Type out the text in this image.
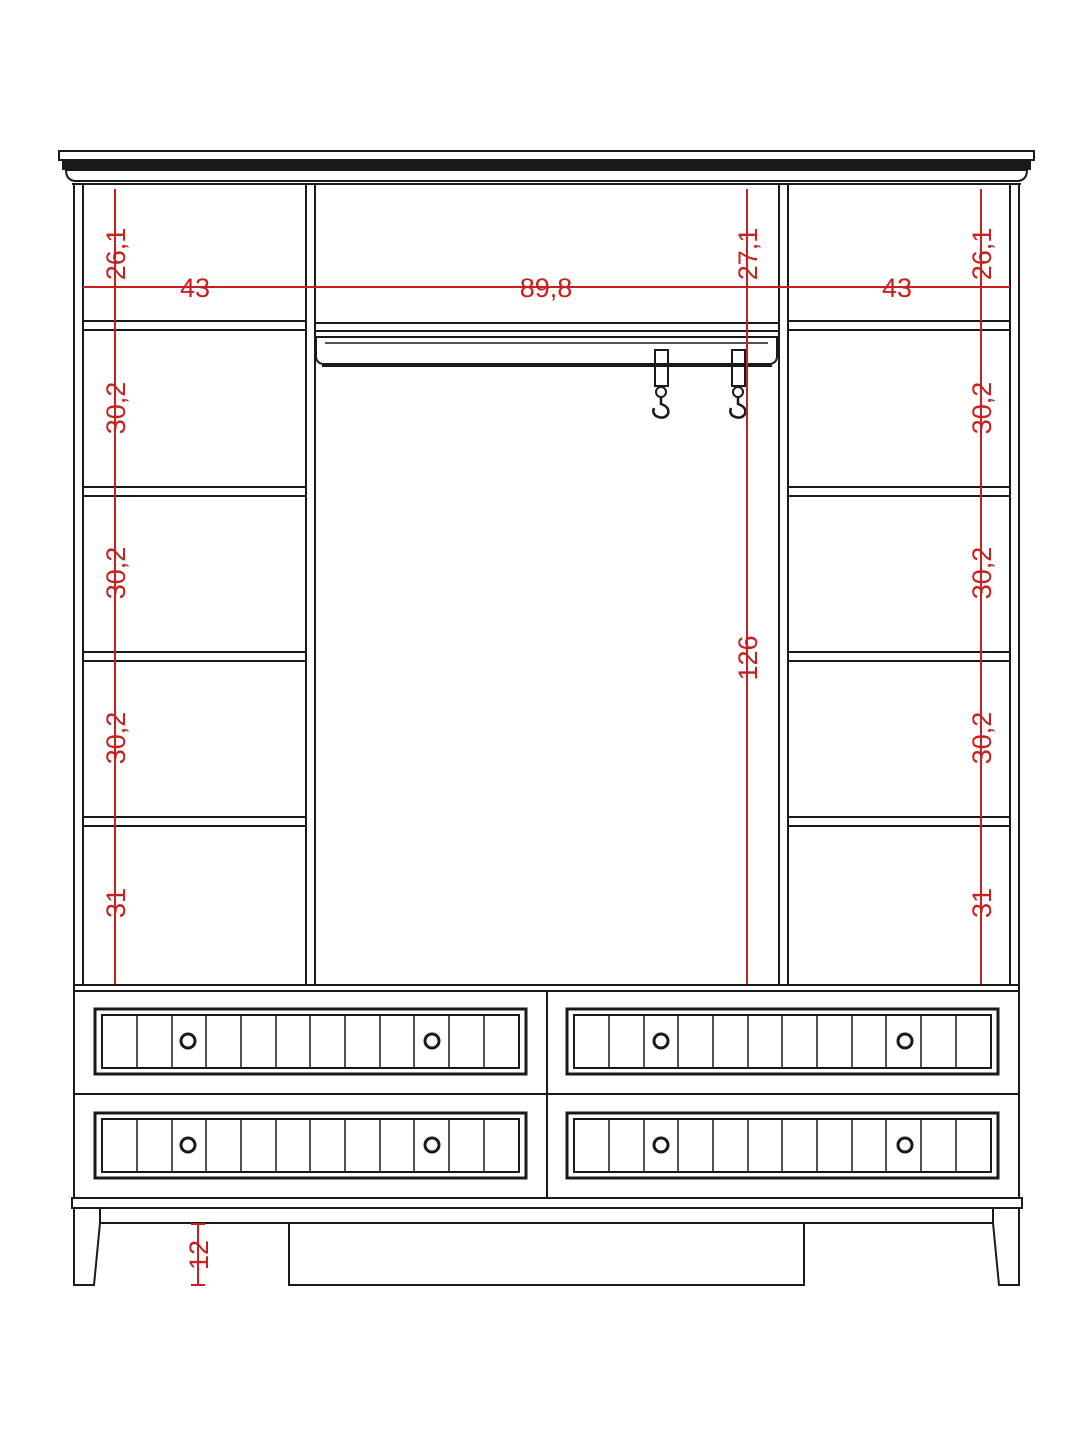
26,1
30,2
30,2
30,2
31
26,1
30,2
30,2
30,2
31
27,1
126
12
43	89,8	43
